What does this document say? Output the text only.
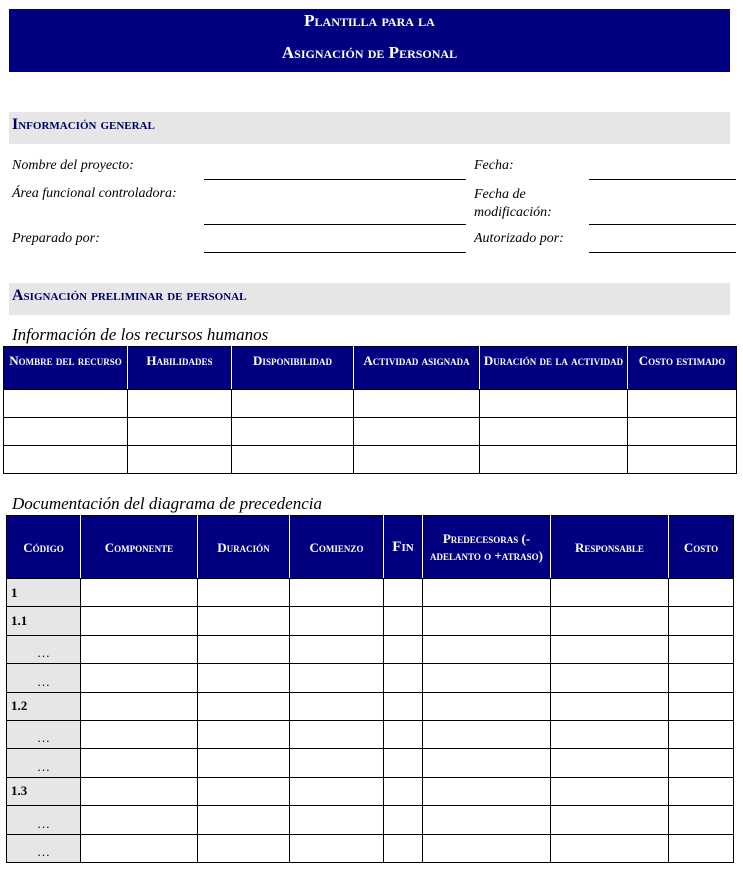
Plantilla para la
Asignación de Personal
Información general
Nombre del proyecto:	Fecha:
Área funcional controladora:	Fecha de modificación:
Preparado por:	Autorizado por:
Asignación preliminar de personal
Información de los recursos humanos
Nombre del recurso	Habilidades	Disponibilidad	Actividad asignada	Duración de la actividad	Costo estimado

Documentación del diagrama de precedencia
Código	Componente	Duración	Comienzo	Fin	Predecesoras (-adelanto o +atraso)	Responsable	Costo
1							
1.1							
…							
…							
1.2							
…							
…							
1.3							
…							
…							
